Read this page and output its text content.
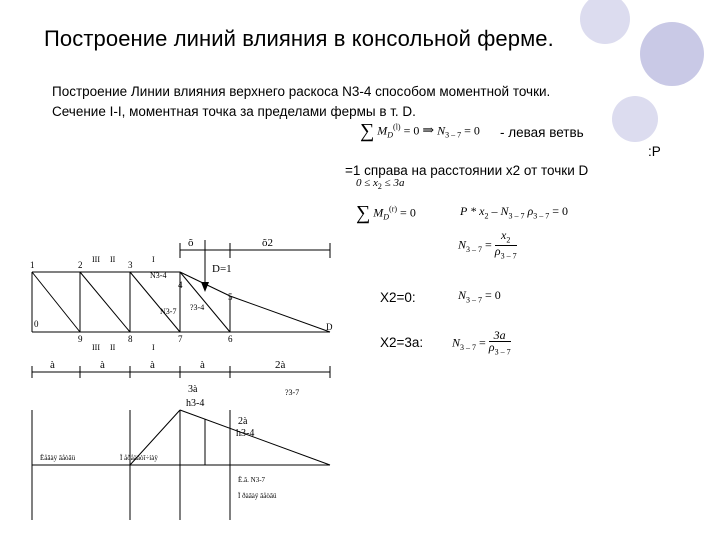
Построение линий влияния в консольной ферме.
Построение Линии влияния верхнего раскоса N3-4 способом моментной точки.
Сечение I-I, моментная точка за пределами фермы в т. D.
∑ $M_D^{(l)} = 0$ ⇒ $N_{3 - 7} = 0$ - левая ветвь
:P
=1 справа на расстоянии х2 от точки D
$0 \le x_2 \le 3a$
∑ $M_D^{(r)} = 0$	P * $x_2 - N_{3 - 7}$ $\rho_{3 - 7} = 0$
$N_{3 - 7} = \frac{x_2}{\rho_{3 - 7}}$
Х2=0:	$N_{3 - 7} = 0$
Х2=3а: $N_{3 - 7} = \frac{3a}{\rho_{3 - 7}}$
1	3
4
5
0
9	8	7	6
D
2
III II	I
III II	I
N3-4
N3-7 ?3-4
?3-7
õ	õ2
D=1
à	à	à	à	2à
3à
h3-4
2à
h3-4
Ëåâàÿ âåòâü	Ï åðåäàòî÷íàÿ
Ë.â. N3-7
Ï ðàâàÿ âåòâü
